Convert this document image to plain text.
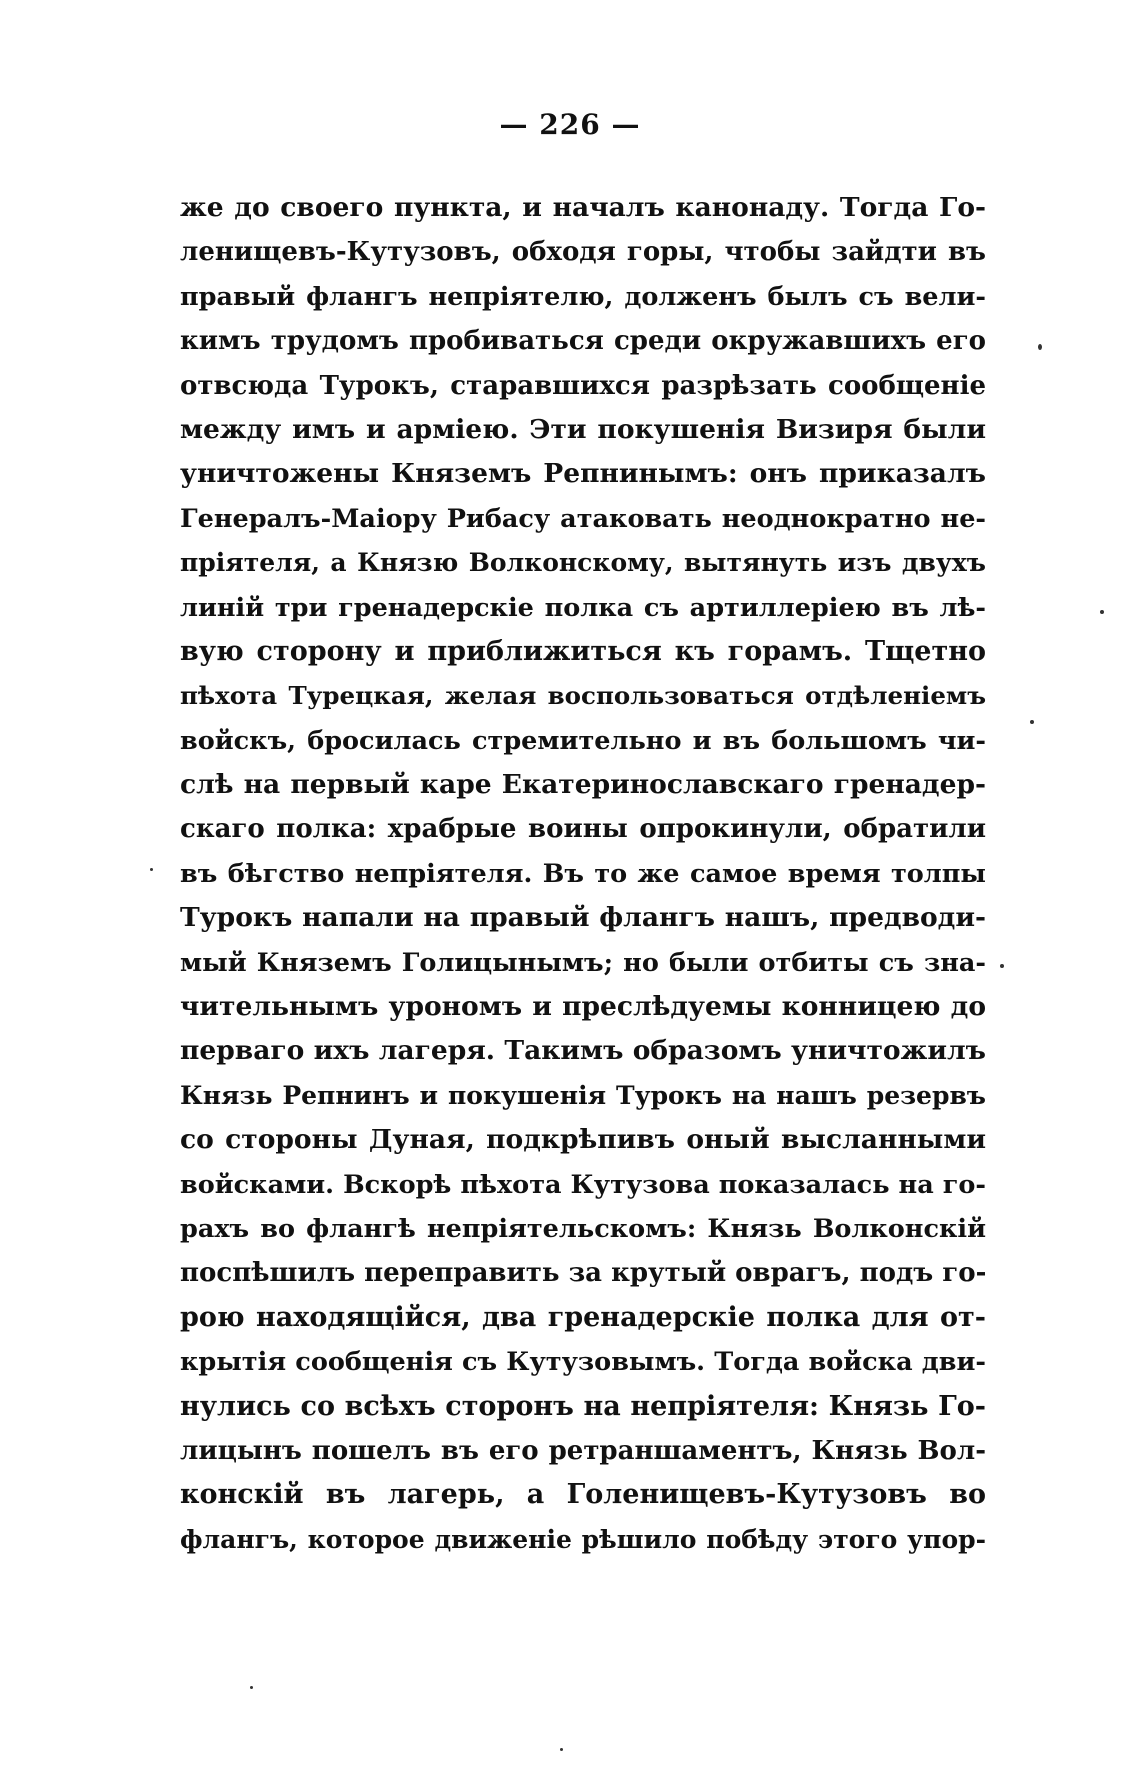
— 226 —
же до своего пункта, и началъ канонаду. Тогда Го-
ленищевъ-Кутузовъ, обходя горы, чтобы зайдти въ
правый флангъ непріятелю, долженъ былъ съ вели-
кимъ трудомъ пробиваться среди окружавшихъ его
отвсюда Турокъ, старавшихся разрѣзать сообщеніе
между имъ и арміею. Эти покушенія Визиря были
уничтожены Княземъ Репнинымъ: онъ приказалъ
Генералъ-Маіору Рибасу атаковать неоднократно не-
пріятеля, а Князю Волконскому, вытянуть изъ двухъ
линій три гренадерскіе полка съ артиллеріею въ лѣ-
вую сторону и приближиться къ горамъ. Тщетно
пѣхота Турецкая, желая воспользоваться отдѣленіемъ
войскъ, бросилась стремительно и въ большомъ чи-
слѣ на первый каре Екатеринославскаго гренадер-
скаго полка: храбрые воины опрокинули, обратили
въ бѣгство непріятеля. Въ то же самое время толпы
Турокъ напали на правый флангъ нашъ, предводи-
мый Княземъ Голицынымъ; но были отбиты съ зна-
чительнымъ урономъ и преслѣдуемы конницею до
перваго ихъ лагеря. Такимъ образомъ уничтожилъ
Князь Репнинъ и покушенія Турокъ на нашъ резервъ
со стороны Дуная, подкрѣпивъ оный высланными
войсками. Вскорѣ пѣхота Кутузова показалась на го-
рахъ во флангѣ непріятельскомъ: Князь Волконскій
поспѣшилъ переправить за крутый оврагъ, подъ го-
рою находящійся, два гренадерскіе полка для от-
крытія сообщенія съ Кутузовымъ. Тогда войска дви-
нулись со всѣхъ сторонъ на непріятеля: Князь Го-
лицынъ пошелъ въ его ретраншаментъ, Князь Вол-
конскій въ лагерь, а Голенищевъ-Кутузовъ во
флангъ, которое движеніе рѣшило побѣду этого упор-
